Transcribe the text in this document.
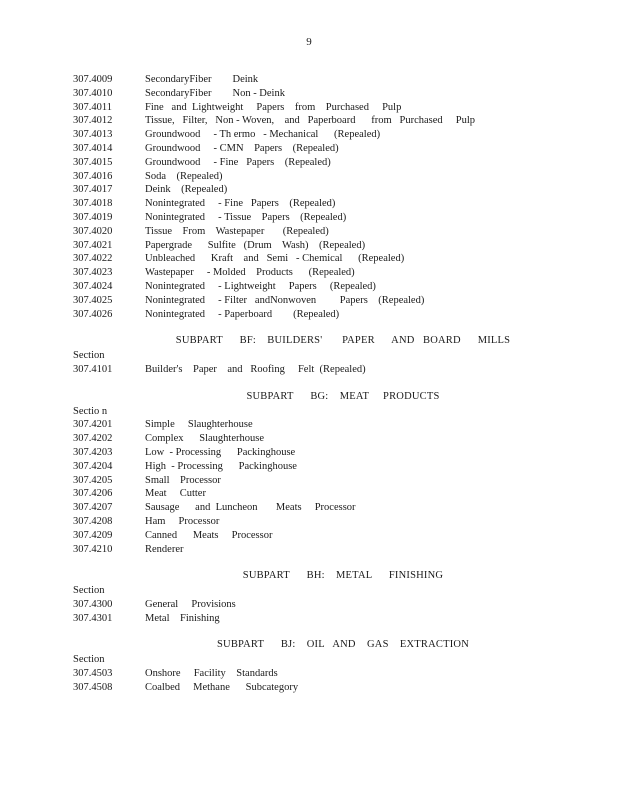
9
307.4009	SecondaryFiber        Deink
307.4010	SecondaryFiber        Non - Deink
307.4011	Fine   and  Lightweight     Papers    from    Purchased     Pulp
307.4012	Tissue,   Filter,   Non - Woven,    and   Paperboard      from   Purchased     Pulp
307.4013	Groundwood     - Th ermo   - Mechanical      (Repealed)
307.4014	Groundwood     - CMN    Papers    (Repealed)
307.4015	Groundwood     - Fine   Papers    (Repealed)
307.4016	Soda    (Repealed)
307.4017	Deink    (Repealed)
307.4018	Nonintegrated     - Fine   Papers    (Repealed)
307.4019	Nonintegrated     - Tissue    Papers    (Repealed)
307.4020	Tissue    From    Wastepaper       (Repealed)
307.4021	Papergrade      Sulfite   (Drum    Wash)    (Repealed)
307.4022	Unbleached      Kraft    and   Semi   - Chemical      (Repealed)
307.4023	Wastepaper     - Molded    Products      (Repealed)
307.4024	Nonintegrated     - Lightweight     Papers     (Repealed)
307.4025	Nonintegrated     - Filter   andNonwoven         Papers    (Repealed)
307.4026	Nonintegrated     - Paperboard        (Repealed)
SUBPART      BF:    BUILDERS'       PAPER      AND   BOARD      MILLS
Section
307.4101	Builder's    Paper    and   Roofing     Felt  (Repealed)
SUBPART      BG:    MEAT     PRODUCTS
Sectio n
307.4201	Simple     Slaughterhouse
307.4202	Complex      Slaughterhouse
307.4203	Low  - Processing      Packinghouse
307.4204	High  - Processing      Packinghouse
307.4205	Small    Processor
307.4206	Meat     Cutter
307.4207	Sausage      and  Luncheon       Meats     Processor
307.4208	Ham     Processor
307.4209	Canned      Meats     Processor
307.4210	Renderer
SUBPART      BH:    METAL      FINISHING
Section
307.4300	General     Provisions
307.4301	Metal    Finishing
SUBPART      BJ:    OIL   AND    GAS    EXTRACTION
Section
307.4503	Onshore     Facility    Standards
307.4508	Coalbed     Methane      Subcategory
